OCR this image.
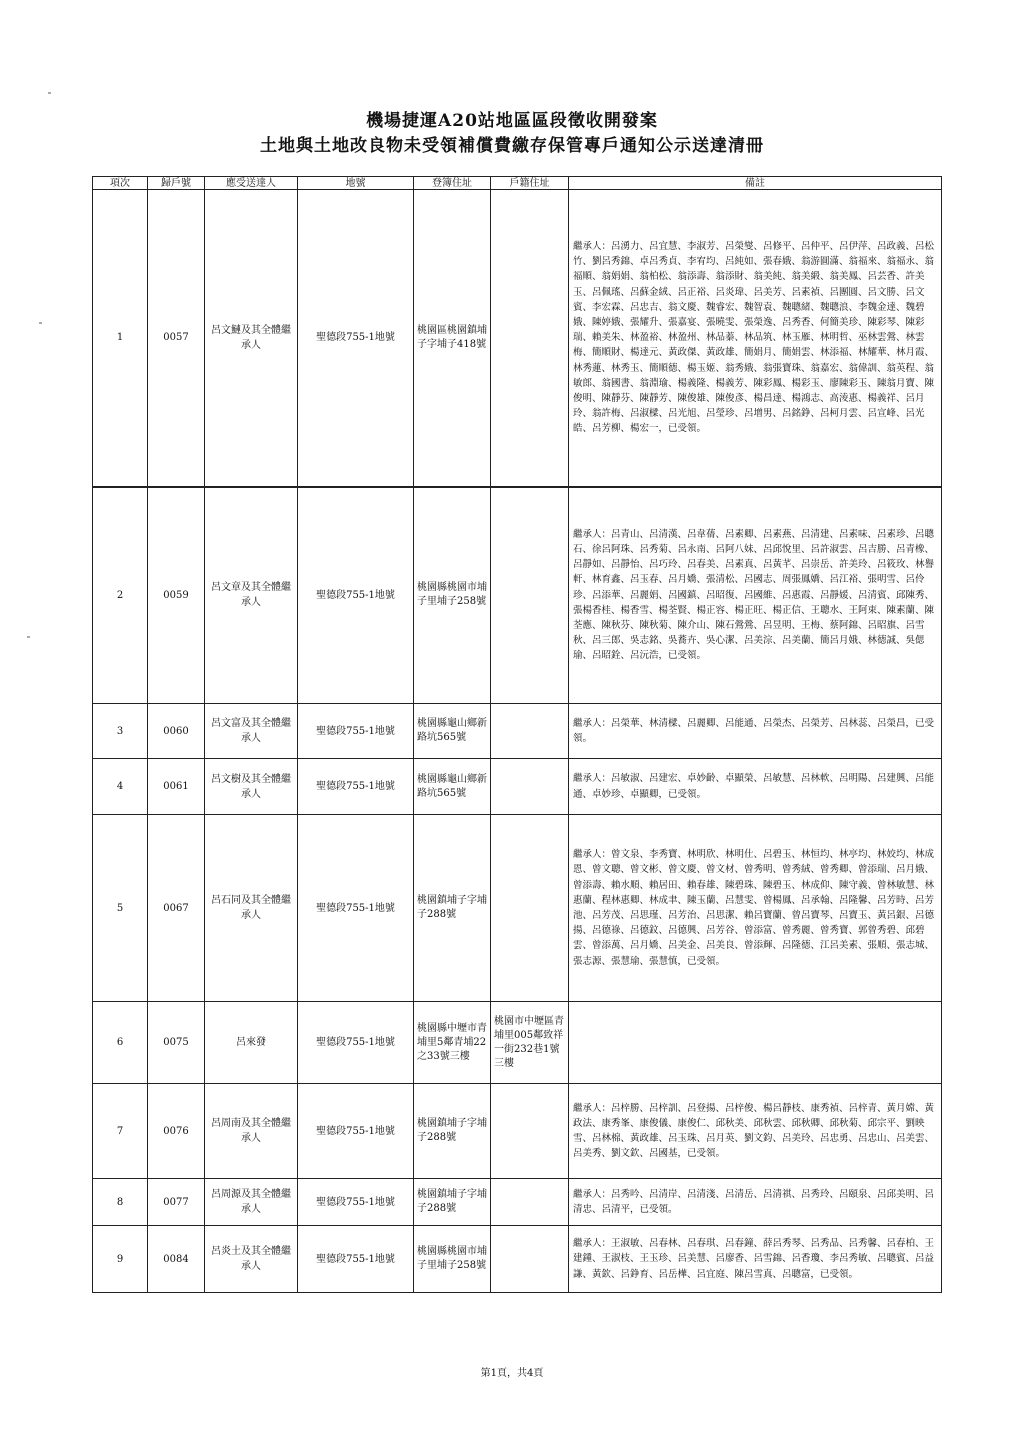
機場捷運A20站地區區段徵收開發案
土地與土地改良物未受領補償費繳存保管專戶通知公示送達清冊
項次	歸戶號	應受送達人	地號	登簿住址	戶籍住址	備註
1	0057	呂文鰱及其全體繼承人	聖德段755-1地號	桃園區桃園鎮埔子字埔子418號		繼承人：呂湧力、呂宜慧、李淑芳、呂榮燮、呂修平、呂仲平、呂伊萍、呂政義、呂松竹、劉呂秀錦、卓呂秀貞、李宥均、呂純如、張春娥、翁游圓滿、翁福來、翁福永、翁福順、翁娟娟、翁柏松、翁添壽、翁添財、翁美純、翁美緞、翁美鳳、呂芸香、許美玉、呂佩瑤、呂蘇金絨、呂正裕、呂炎瑋、呂美芳、呂素禎、呂團圓、呂文勝、呂文賓、李宏霖、呂忠吉、翁文慶、魏睿宏、魏智袁、魏聰緒、魏聰浪、李魏金達、魏碧娥、陳婷娥、張耀升、張嘉宴、張曉雯、張榮逸、呂秀香、何簡美珍、陳彩琴、陳彩瑞、賴美朱、林盈裕、林盈州、林品蓁、林品筑、林玉雁、林明哲、巫林雲鶯、林雲梅、簡順財、楊達元、黃政傑、黃政雄、簡娟月、簡娟雲、林添福、林耀華、林月霞、林秀蓮、林秀玉、簡順德、楊玉姬、翁秀娥、翁張寶珠、翁嘉宏、翁偉訓、翁英程、翁敏郎、翁國書、翁淵瑜、楊義隆、楊義芳、陳彩鳳、楊彩玉、廖陳彩玉、陳翁月寶、陳俊明、陳靜芬、陳靜芳、陳俊雄、陳俊彥、楊昌達、楊鴻志、高淩惠、楊義祥、呂月玲、翁許梅、呂淑樑、呂光旭、呂瑩珍、呂增男、呂銘錚、呂柯月雲、呂宣峰、呂光皓、呂芳柳、楊宏一，已受領。
2	0059	呂文章及其全體繼承人	聖德段755-1地號	桃園縣桃園市埔子里埔子258號		繼承人：呂青山、呂清漢、呂韋蒨、呂素卿、呂素燕、呂清建、呂素味、呂素珍、呂聰石、徐呂阿珠、呂秀菊、呂永南、呂阿八妹、呂邱悅里、呂許淑雲、呂吉勝、呂青橡、呂靜如、呂靜怡、呂巧玲、呂春美、呂素真、呂黃芊、呂崇岳、許美玲、呂筱玫、林譽軒、林育鑫、呂玉春、呂月嬌、張清松、呂國志、周張鳳嬌、呂江裕、張明雪、呂伶珍、呂添華、呂麗娟、呂國鎮、呂昭復、呂國維、呂惠霞、呂靜媛、呂清賓、邱陳秀、張楊香桂、楊香雪、楊荃賢、楊正容、楊正旺、楊正信、王聰水、王阿束、陳素蘭、陳荃應、陳秋芬、陳秋菊、陳介山、陳石鶯鶯、呂昱明、王梅、蔡阿錦、呂昭旗、呂雪秋、呂三郎、吳志銘、吳蕎卉、吳心潔、呂美淙、呂美蘭、簡呂月娥、林德誠、吳偲瑜、呂昭銓、呂沅浩，已受領。
3	0060	呂文富及其全體繼承人	聖德段755-1地號	桃園縣龜山鄉新路坑565號		繼承人：呂榮華、林清樑、呂麗卿、呂能通、呂榮杰、呂榮芳、呂林蕊、呂榮昌，已受領。
4	0061	呂文樹及其全體繼承人	聖德段755-1地號	桃園縣龜山鄉新路坑565號		繼承人：呂敏淑、呂建宏、卓妙齡、卓顯榮、呂敏慧、呂林軟、呂明陽、呂建興、呂能通、卓妙珍、卓顯卿，已受領。
5	0067	呂石同及其全體繼承人	聖德段755-1地號	桃園鎮埔子字埔子288號		繼承人：曾文泉、李秀寶、林明欣、林明仕、呂碧玉、林恒均、林亭均、林姣均、林成恩、曾文聰、曾文彬、曾文慶、曾文材、曾秀明、曾秀絨、曾秀卿、曾添瑞、呂月娥、曾添壽、賴水順、賴居田、賴春雄、陳碧珠、陳碧玉、林成仰、陳守義、曾林敏慧、林惠蘭、程林惠卿、林成聿、陳玉蘭、呂慧雯、曾楊鳳、呂承翰、呂隆馨、呂芳時、呂芳池、呂芳茂、呂思瑾、呂芳治、呂思潔、賴呂寶蘭、曾呂寶琴、呂寶玉、黃呂銀、呂德揚、呂德祿、呂德鈫、呂德興、呂芳谷、曾添富、曾秀麗、曾秀寶、郭曾秀碧、邱碧雲、曾添萬、呂月嬌、呂美金、呂美良、曾添輝、呂隆德、江呂美素、張順、張志城、張志源、張慧瑜、張慧慎，已受領。
6	0075	呂來發	聖德段755-1地號	桃園縣中壢市青埔里5鄰青埔22之33號三樓	桃園市中壢區青埔里005鄰致祥一街232巷1號三樓	
7	0076	呂周南及其全體繼承人	聖德段755-1地號	桃園鎮埔子字埔子288號		繼承人：呂梓勝、呂梓訓、呂登揚、呂梓俊、楊呂靜枝、康秀禎、呂梓青、黃月嫦、黃政法、康秀峯、康俊儀、康俊仁、邱秋美、邱秋雲、邱秋卿、邱秋菊、邱宗平、劉映雪、呂林棉、黃政雄、呂玉珠、呂月英、劉文鈞、呂美玲、呂忠勇、呂忠山、呂美雲、呂美秀、劉文欽、呂國基，已受領。
8	0077	呂周源及其全體繼承人	聖德段755-1地號	桃園鎮埔子字埔子288號		繼承人：呂秀吟、呂清岸、呂清淺、呂清岳、呂清祺、呂秀玲、呂頤泉、呂邱美明、呂清忠、呂清平，已受領。
9	0084	呂炎土及其全體繼承人	聖德段755-1地號	桃園縣桃園市埔子里埔子258號		繼承人：王淑敏、呂春林、呂春琪、呂春鐘、薛呂秀琴、呂秀品、呂秀馨、呂春柏、王建鍾、王淑枝、王玉珍、呂美慧、呂廖香、呂雪錦、呂香瓊、李呂秀敏、呂聰賓、呂益謙、黃欽、呂錚育、呂岳樺、呂宜庭、陳呂雪真、呂聰富，已受領。
第1頁，共4頁
